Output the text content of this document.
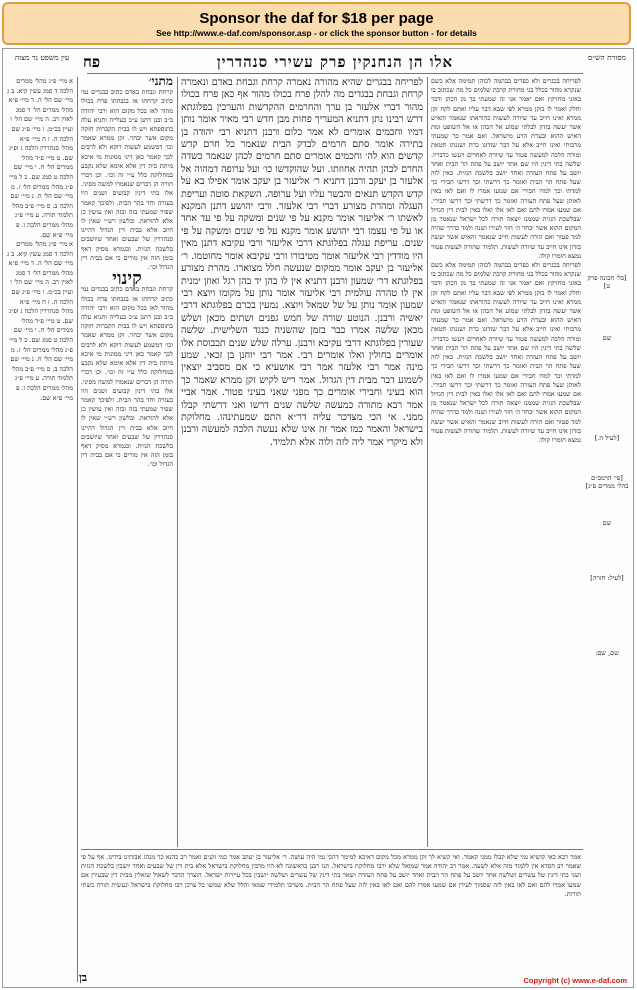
Sponsor the daf for $18 per page
See http://www.e-daf.com/sponsor.asp - or click the sponsor button - for details
מסורת הש״ס
עין משפט נר מצוה	אלו הן הנחנקין פרק עשירי סנהדרין
פח
[בל׳ חבונה פרק ט]
שם
[לעיל ה.]
[פי׳ הרמב״ם בהל׳ ממרים פ״ג]
שם
[לעיל: חזרה]
שם, שם:

לפריחה בכגרים ולא כפרים בבהמה לכוהן תמימה אלא כשם שנקרא מהור בכלל בני מחורת קרבת שלמים כל מה שכתוב בו באזני מחזיקין ואם יאמר אני זה שמעתי בך מן הכהן ודבר וחלק ואמר לו בזקן ממרא לפי שבא דבר עליו ואתם לקח זקן ממרא ואינו חייב עד שיורה לעשות כהוראתו שנאמר והאיש אשר יעשה בזדון לבלתי שמוע אל הכהן או אל השופט ומת האיש ההוא ובערת הרע מישראל. ואם אמר כך שמעתי מרבותי ואינו חייב אלא על דבר שזדונו כרת ושגגתו חטאת ומורה הלכה למעשה פטור עד שיורה לאחרים ויעשו כדבריו. שלשה בתי דינין היו שם אחד יושב על פתח הר הבית ואחד יושב על פתח העזרה ואחד יושב בלשכת הגזית. באין לזה שעל פתח הר הבית ואומר כך דרשתי וכך דרשו חבירי כך למדתי וכך למדו חבירי אם שמעו אמרו לו ואם לאו באין לאותן שעל פתח העזרה ואומר כך דרשתי וכך דרשו חבירי. אם שמעו אמרו להם ואם לאו אלו ואלו באין לבית דין הגדול שבלשכת הגזית שממנו יוצאה תורה לכל ישראל שנאמר מן המקום ההוא אשר יבחר ה׳ חזר לעירו ושנה ולמד כדרך שהיה למד פטור ואם הורה לעשות חייב שנאמר והאיש אשר יעשה בזדון אינו חייב עד שיורה לעשות. תלמיד שהורה לעשות פטור נמצא חומרו קולו.

לפריחה בכגרים ולא כפרים בבהמה לכוהן תמימה אלא כשם שנקרא מהור בכלל בני מחורת קרבת שלמים כל מה שכתוב בו באזני מחזיקין ואם יאמר אני זה שמעתי בך מן הכהן ודבר וחלק ואמר לו בזקן ממרא לפי שבא דבר עליו ואתם לקח זקן ממרא ואינו חייב עד שיורה לעשות כהוראתו שנאמר והאיש אשר יעשה בזדון לבלתי שמוע אל הכהן או אל השופט ומת האיש ההוא ובערת הרע מישראל. ואם אמר כך שמעתי מרבותי ואינו חייב אלא על דבר שזדונו כרת ושגגתו חטאת ומורה הלכה למעשה פטור עד שיורה לאחרים ויעשו כדבריו. שלשה בתי דינין היו שם אחד יושב על פתח הר הבית ואחד יושב על פתח העזרה ואחד יושב בלשכת הגזית. באין לזה שעל פתח הר הבית ואומר כך דרשתי וכך דרשו חבירי כך למדתי וכך למדו חבירי אם שמעו אמרו לו ואם לאו באין לאותן שעל פתח העזרה ואומר כך דרשתי וכך דרשו חבירי. אם שמעו אמרו להם ואם לאו אלו ואלו באין לבית דין הגדול שבלשכת הגזית שממנו יוצאה תורה לכל ישראל שנאמר מן המקום ההוא אשר יבחר ה׳ חזר לעירו ושנה ולמד כדרך שהיה למד פטור ואם הורה לעשות חייב שנאמר והאיש אשר יעשה בזדון אינו חייב עד שיורה לעשות. תלמיד שהורה לעשות פטור נמצא חומרו קולו.

לפריחה בבגרים שהיא מהורה נאמרה קרחת וגבחת באדם ונאמרה קרחת וגבחת בבגדים מה להלן פרח בכולו מהור אף כאן פרח בכולו מהור דברי אלעזר בן ערך והחרמים ההקדשות והערכין בפלוגתא דרש רבינו נתן דתניא המעריך פחות מבן חדש רבי מאיר אומר נותן דמיו וחכמים אומרים לא אמר כלום ורבנן דתניא רבי יהודה בן בתירה אומר סתם חרמים לבדק הבית שנאמר כל חרם קדש קדשים הוא לה׳ וחכמים אומרים סתם חרמים לכהן שנאמר כשדה החרם לכהן תהיה אחוזתו. ועל שהוקדשו כו׳ ועל ערופה דמהוה אל אלעזר בן יעקב ורבנן דתניא ר׳ אליעזר בן יעקב אומר אפילו בא על קדש הקדש תנאים והבשר עליו ועל ערופה. השקאת סוטה ועריפת העגלה ומהרת מצורע דברי רבי אלעזר. ורבי יהושע דתנן המקנא לאשתו ר׳ אליעזר אומר מקנא על פי שנים ומשקה על פי עד אחד או על פי עצמו רבי יהושע אומר מקנא על פי שנים ומשקה על פי שנים. עריפת עגלה בפלוגתא דרבי אליעזר ורבי עקיבא דתנן מאין היו מודדין רבי אליעזר אומר מטיבורו ורבי עקיבא אומר מחוטמו. ר׳ אליעזר בן יעקב אומר ממקום שנעשה חלל מצוארו. מהרת מצורע בפלוגתא דר׳ שמעון ורבנן דתניא אין לו בהן יד בהן רגל ואוזן ימנית אין לו טהרה עולמית רבי אליעזר אומר נותן על מקומו ויוצא רבי שמעון אומר נותן על של שמאל ויוצא. נמעין בכרם בפלוגתא דרבי יאשיה ורבנן. הנוטע שורה של חמש גפנים ושתים מכאן ושלש מכאן שלשה אמרו כבר בזמן שהשניה כנגד השלישית. שלשה שעורין בפלוגתא דרבי עקיבא ורבנן. ערלה שלש שנים תכבוסת אלו אומרים בחולין ואלו אומרים רבי. אמר רבי יוחנן בן זכאי. שמע מינה אמר רבי אלעזר אמר רבי אושעיא כי אם מסביב יוצאין לשמוע דבר מבית דין הגדול. אמר ריש לקיש זקן ממרא שאמר כך הוא בעיני וחבירי אומרים כך מפני שאני בעיני פטור. אמר אביי אמר רבא מתורה כמעשה שלשה שנים דרשו ואני דרשתי קבלו ממני. אי הכי מצדכר עליה דר״א התם שמעתינהו. מחלוקת בישראל והאמר כמו אמר זה אינו שלא נעשה הלכה למעשה ורבנן ולא מיקרי אמר ליה לזה ולוה אלא תלמיד.

מתני׳

קרחת וגבחת באדם כתיב בבגדים נמי כתיב קרחתו או בגבחתו פרח בכולו מהור לאו בכל מקום הוא ורבי יהודה ב״ב ובנן דתנן ע״כ בעלייה ותניא עלה בתוספתא ויש לו בבית הקברות חזקה מקום אשר יבחר. זקן ממרא שאמר וכו׳ דמשמע לעשות דוקא ולא לרבים לכך קאמר כאן דיני ממונות מי איכא מיתת בית דין אלא אימא שלא נקבע במחלוקת כלל ע״י זה וכו׳. וכן דברי תורה הן דברים שנאמרו למשה מסיני. אלו בתי דינין קבועים ושנים היו בעזרה וחד בהר הבית. ולפיכך קאמר שפיר שמעתי בזה ובזה ואין עושין כן אלא להוראה. ובלשון רש״י שאין לו חיוב אלא בבית דין הגדול דהיינו סנהדרין של שבעים ואחד שיושבים בלשכת הגזית. ובגמרא מסיק דאף בזמן הזה אין מורים כי אם בבית דין הגדול וכו׳.

קינוי

קרחת וגבחת באדם כתיב בבגדים נמי כתיב קרחתו או בגבחתו פרח בכולו מהור לאו בכל מקום הוא ורבי יהודה ב״ב ובנן דתנן ע״כ בעלייה ותניא עלה בתוספתא ויש לו בבית הקברות חזקה מקום אשר יבחר. זקן ממרא שאמר וכו׳ דמשמע לעשות דוקא ולא לרבים לכך קאמר כאן דיני ממונות מי איכא מיתת בית דין אלא אימא שלא נקבע במחלוקת כלל ע״י זה וכו׳. וכן דברי תורה הן דברים שנאמרו למשה מסיני. אלו בתי דינין קבועים ושנים היו בעזרה וחד בהר הבית. ולפיכך קאמר שפיר שמעתי בזה ובזה ואין עושין כן אלא להוראה. ובלשון רש״י שאין לו חיוב אלא בבית דין הגדול דהיינו סנהדרין של שבעים ואחד שיושבים בלשכת הגזית. ובגמרא מסיק דאף בזמן הזה אין מורים כי אם בבית דין הגדול וכו׳.

א מיי׳ פ״ג מהל׳ ממרים הלכה ד סמג עשין קיא. ב ג מיי׳ שם הל׳ ה. ד מיי׳ פ״א מהל׳ ממרים הל׳ ד סמג לאוין רב. ה מיי׳ שם הל׳ ו ועיין בכ״מ. ו מיי׳ פ״ג שם הלכה ה. ז ח מיי׳ פ״א מהל׳ סנהדרין הלכה ג ופ״ג שם. ט מיי׳ פ״ד מהל׳ ממרים הל׳ ח. י מיי׳ שם הלכה ט סמג שם. כ ל מיי׳ פ״ג מהל׳ ממרים הל׳ ז. מ מיי׳ שם הל׳ ח. נ מיי׳ שם הלכה ב. ס מיי׳ פ״ב מהל׳ תלמוד תורה. ע מיי׳ פ״ג מהל׳ ממרים הלכה ו. פ מיי׳ פ״א שם.

א מיי׳ פ״ג מהל׳ ממרים הלכה ד סמג עשין קיא. ב ג מיי׳ שם הל׳ ה. ד מיי׳ פ״א מהל׳ ממרים הל׳ ד סמג לאוין רב. ה מיי׳ שם הל׳ ו ועיין בכ״מ. ו מיי׳ פ״ג שם הלכה ה. ז ח מיי׳ פ״א מהל׳ סנהדרין הלכה ג ופ״ג שם. ט מיי׳ פ״ד מהל׳ ממרים הל׳ ח. י מיי׳ שם הלכה ט סמג שם. כ ל מיי׳ פ״ג מהל׳ ממרים הל׳ ז. מ מיי׳ שם הל׳ ח. נ מיי׳ שם הלכה ב. ס מיי׳ פ״ב מהל׳ תלמוד תורה. ע מיי׳ פ״ג מהל׳ ממרים הלכה ו. פ מיי׳ פ״א שם.

אמר רבא כאי קושיא נמי שלא קבלו ממני קאמר. ואי קשיא לך זקן ממרא מכל מקום דאיכא למימר דהכי נמי היה עושה. ר׳ אליעזר בן יעקב אמר כמי זקנים ואמר רב כהנא כך מנהג אבותינו בידינו. אף על פי שאמר רב חסדא אין ללמוד מזה אלא לשעה. אמר רב יהודה אמר שמואל שלא ירבו מחלוקת בישראל. תנו רבנן בראשונה לא היו מרבין מחלוקת בישראל אלא בית דין של שבעים ואחד יושבין בלשכת הגזית ושני בתי דינין של עשרים ושלשה אחד יושב על פתח הר הבית ואחד יושב על פתח העזרה ושאר בתי דינין של עשרים ושלשה יושבין בכל עיירות ישראל. הוצרך הדבר לשאול שואלין מבית דין שבעירן אם שמעו אמרו להם ואם לאו באין לזה שסמוך לעירן אם שמעו אמרו להם ואם לאו באין לזה שעל פתח הר הבית. משרבו תלמידי שמאי והלל שלא שמשו כל צרכן רבו מחלוקת בישראל ונעשית תורה כשתי תורות.

בן	Copyright (c) www.e-daf.com
